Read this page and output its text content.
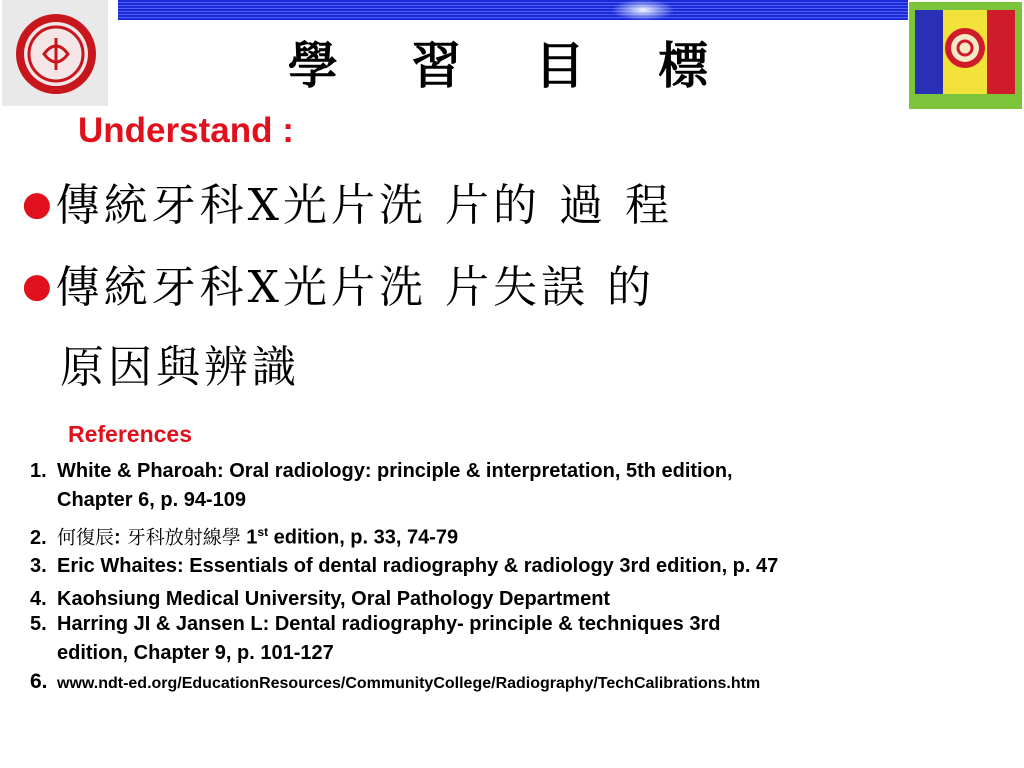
學 習 目 標
Understand :
●傳統牙科X光片洗 片的 過 程
●傳統牙科X光片洗 片失誤 的
原因與辨識
References
1. White & Pharoah: Oral radiology: principle & interpretation, 5th edition,
Chapter 6, p. 94-109
2. 何復辰: 牙科放射線學 1st edition, p. 33, 74-79
3. Eric Whaites: Essentials of dental radiography & radiology 3rd edition, p. 47
4. Kaohsiung Medical University, Oral Pathology Department
5. Harring JI & Jansen L: Dental radiography- principle & techniques 3rd
edition, Chapter 9, p. 101-127
6. www.ndt-ed.org/EducationResources/CommunityCollege/Radiography/TechCalibrations.htm
